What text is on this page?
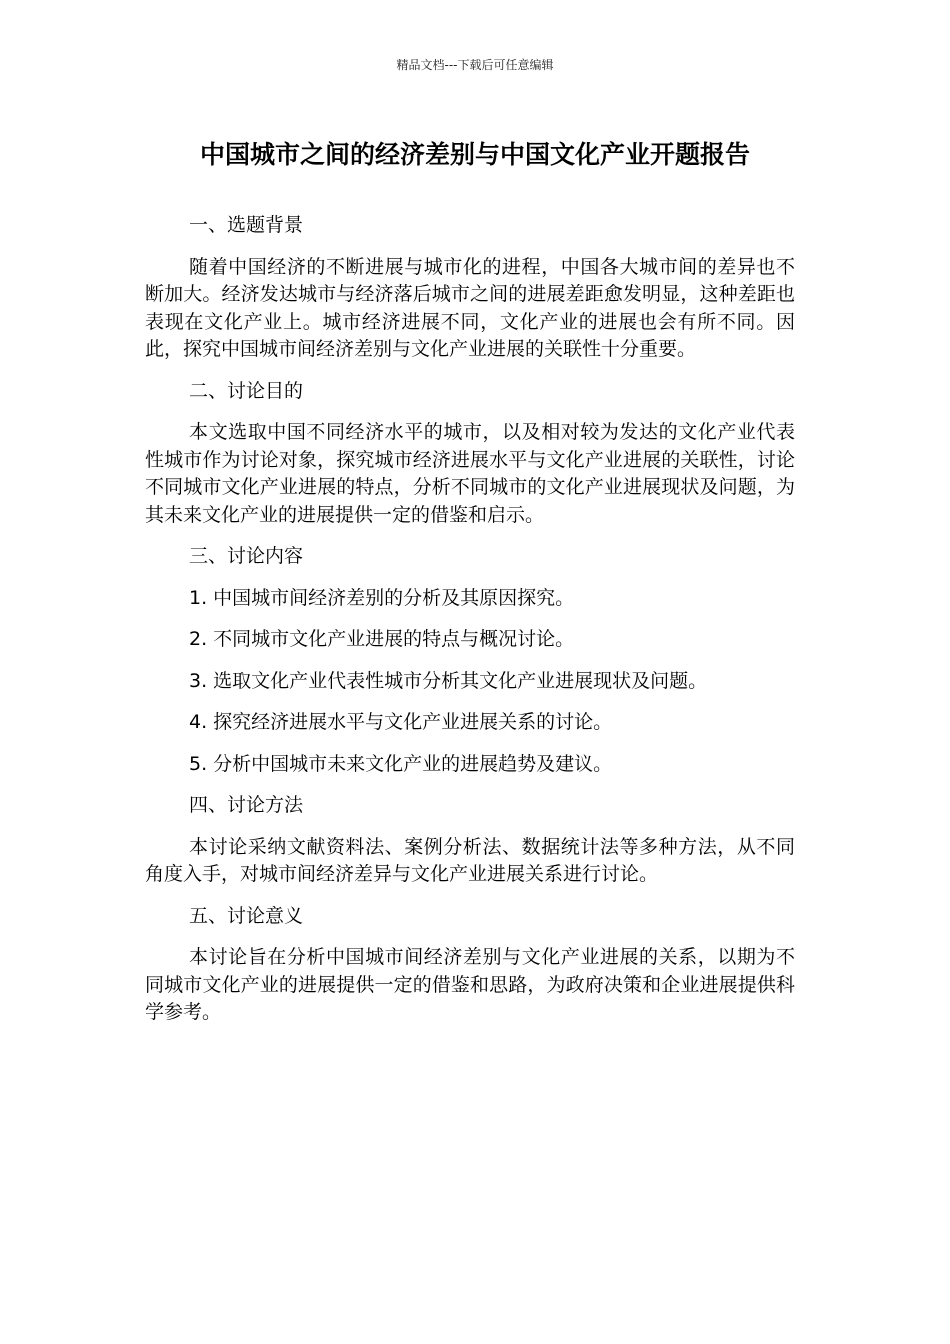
精品文档---下载后可任意编辑
中国城市之间的经济差别与中国文化产业开题报告

一、选题背景

随着中国经济的不断进展与城市化的进程，中国各大城市间的差异也不断加大。经济发达城市与经济落后城市之间的进展差距愈发明显，这种差距也表现在文化产业上。城市经济进展不同，文化产业的进展也会有所不同。因此，探究中国城市间经济差别与文化产业进展的关联性十分重要。

二、讨论目的

本文选取中国不同经济水平的城市，以及相对较为发达的文化产业代表性城市作为讨论对象，探究城市经济进展水平与文化产业进展的关联性，讨论不同城市文化产业进展的特点，分析不同城市的文化产业进展现状及问题，为其未来文化产业的进展提供一定的借鉴和启示。

三、讨论内容

1. 中国城市间经济差别的分析及其原因探究。

2. 不同城市文化产业进展的特点与概况讨论。

3. 选取文化产业代表性城市分析其文化产业进展现状及问题。

4. 探究经济进展水平与文化产业进展关系的讨论。

5. 分析中国城市未来文化产业的进展趋势及建议。

四、讨论方法

本讨论采纳文献资料法、案例分析法、数据统计法等多种方法，从不同角度入手，对城市间经济差异与文化产业进展关系进行讨论。

五、讨论意义

本讨论旨在分析中国城市间经济差别与文化产业进展的关系，以期为不同城市文化产业的进展提供一定的借鉴和思路，为政府决策和企业进展提供科学参考。
